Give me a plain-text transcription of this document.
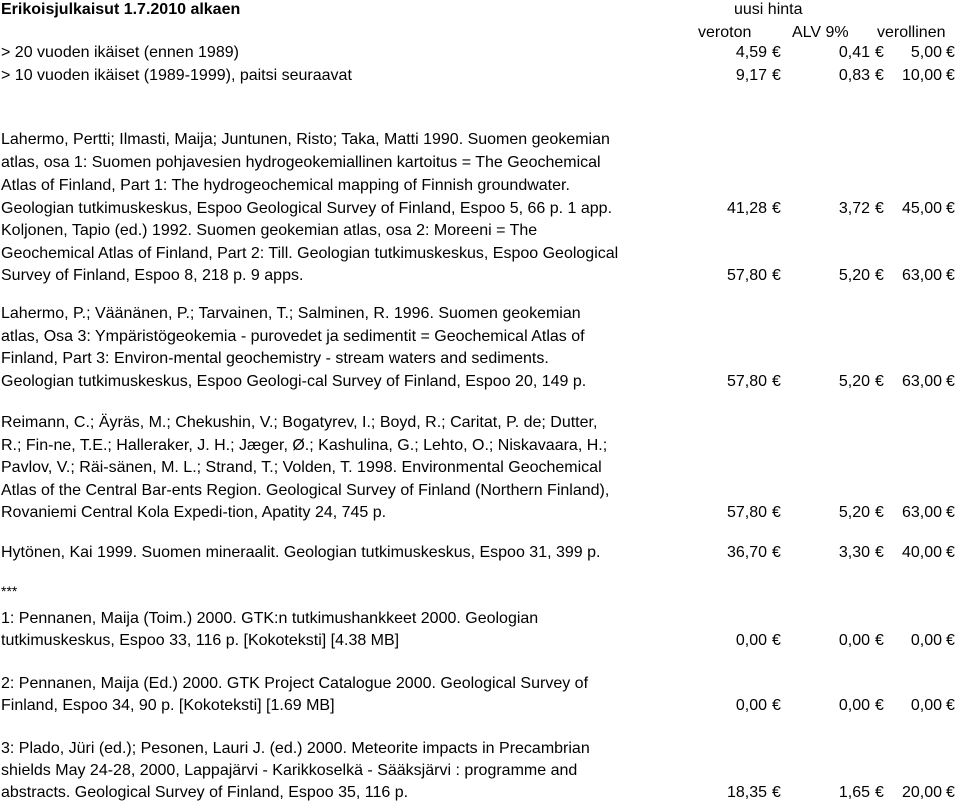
Erikoisjulkaisut 1.7.2010 alkaen	uusi hinta
veroton	ALV 9% verollinen
> 20 vuoden ikäiset (ennen 1989)	4,59 €	0,41 € 5,00 €
> 10 vuoden ikäiset (1989-1999), paitsi seuraavat	9,17 €	0,83 € 10,00 €
Lahermo, Pertti; Ilmasti, Maija; Juntunen, Risto; Taka, Matti 1990. Suomen geokemian
atlas, osa 1: Suomen pohjavesien hydrogeokemiallinen kartoitus = The Geochemical
Atlas of Finland, Part 1: The hydrogeochemical mapping of Finnish groundwater.
Geologian tutkimuskeskus, Espoo Geological Survey of Finland, Espoo 5, 66 p. 1 app.	41,28 €	3,72 € 45,00 €
Koljonen, Tapio (ed.) 1992. Suomen geokemian atlas, osa 2: Moreeni = The
Geochemical Atlas of Finland, Part 2: Till. Geologian tutkimuskeskus, Espoo Geological
Survey of Finland, Espoo 8, 218 p. 9 apps.	57,80 €	5,20 € 63,00 €
Lahermo, P.; Väänänen, P.; Tarvainen, T.; Salminen, R. 1996. Suomen geokemian
atlas, Osa 3: Ympäristögeokemia - purovedet ja sedimentit = Geochemical Atlas of
Finland, Part 3: Environ-mental geochemistry - stream waters and sediments.
Geologian tutkimuskeskus, Espoo Geologi-cal Survey of Finland, Espoo 20, 149 p.	57,80 €	5,20 € 63,00 €
Reimann, C.; Äyräs, M.; Chekushin, V.; Bogatyrev, I.; Boyd, R.; Caritat, P. de; Dutter,
R.; Fin-ne, T.E.; Halleraker, J. H.; Jæger, Ø.; Kashulina, G.; Lehto, O.; Niskavaara, H.;
Pavlov, V.; Räi-sänen, M. L.; Strand, T.; Volden, T. 1998. Environmental Geochemical
Atlas of the Central Bar-ents Region. Geological Survey of Finland (Northern Finland),
Rovaniemi Central Kola Expedi-tion, Apatity 24, 745 p.	57,80 €	5,20 € 63,00 €
Hytönen, Kai 1999. Suomen mineraalit. Geologian tutkimuskeskus, Espoo 31, 399 p.	36,70 €	3,30 € 40,00 €
***
1: Pennanen, Maija (Toim.) 2000. GTK:n tutkimushankkeet 2000. Geologian
tutkimuskeskus, Espoo 33, 116 p. [Kokoteksti] [4.38 MB]	0,00 €	0,00 € 0,00 €
2: Pennanen, Maija (Ed.) 2000. GTK Project Catalogue 2000. Geological Survey of
Finland, Espoo 34, 90 p. [Kokoteksti] [1.69 MB]	0,00 €	0,00 € 0,00 €
3: Plado, Jüri (ed.); Pesonen, Lauri J. (ed.) 2000. Meteorite impacts in Precambrian
shields May 24-28, 2000, Lappajärvi - Karikkoselkä - Sääksjärvi : programme and
abstracts. Geological Survey of Finland, Espoo 35, 116 p.	18,35 €	1,65 € 20,00 €
